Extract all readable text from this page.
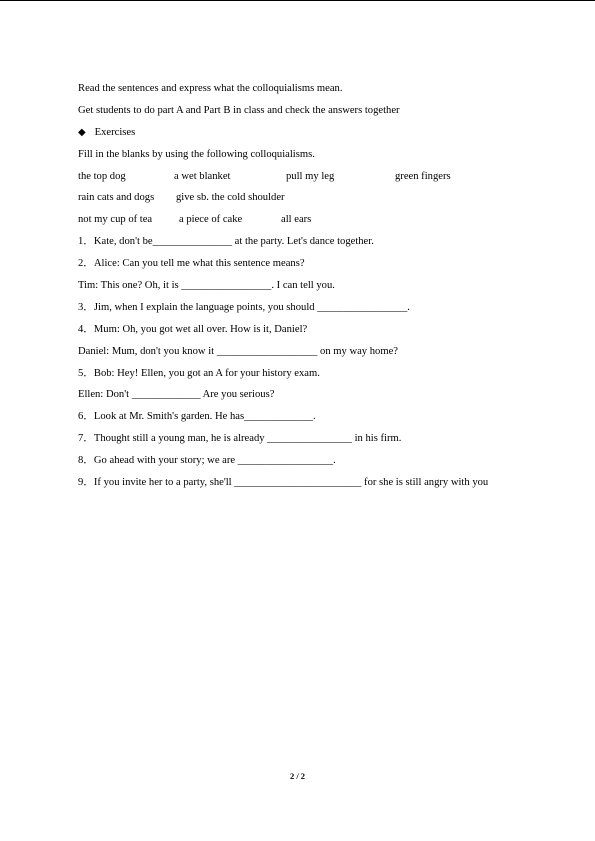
Read the sentences and express what the colloquialisms mean.
Get students to do part A and Part B in class and check the answers together
◆ Exercises
Fill in the blanks by using the following colloquialisms.
the top dog	a wet blanket	pull my leg	green fingers
rain cats and dogs	give sb. the cold shoulder
not my cup of tea	a piece of cake	all ears
1．Kate, don't be_______________ at the party. Let's dance together.
2．Alice: Can you tell me what this sentence means?
Tim: This one? Oh, it is _________________. I can tell you.
3．Jim, when I explain the language points, you should _________________.
4．Mum: Oh, you got wet all over. How is it, Daniel?
Daniel: Mum, don't you know it ___________________ on my way home?
5．Bob: Hey! Ellen, you got an A for your history exam.
Ellen: Don't _____________ Are you serious?
6．Look at Mr. Smith's garden. He has_____________.
7．Thought still a young man, he is already ________________ in his firm.
8．Go ahead with your story; we are __________________.
9．If you invite her to a party, she'll ________________________ for she is still angry with you
2 / 2
